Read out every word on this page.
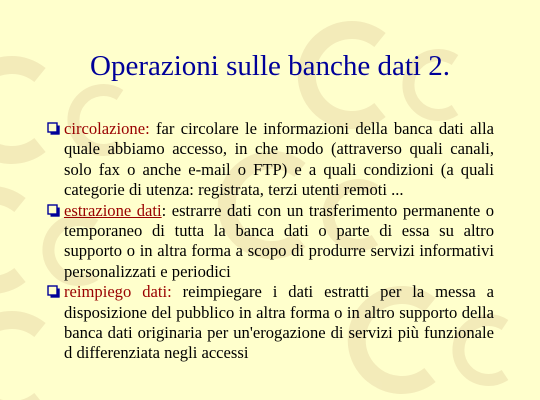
Operazioni sulle banche dati 2.
circolazione: far circolare le informazioni della banca dati alla quale abbiamo accesso, in che modo (attraverso quali canali, solo fax o anche e-mail o FTP) e a quali condizioni (a quali categorie di utenza: registrata, terzi utenti remoti ...
estrazione dati: estrarre dati con un trasferimento permanente o temporaneo di tutta la banca dati o parte di essa su altro supporto o in altra forma a scopo di produrre servizi informativi personalizzati e periodici
reimpiego dati: reimpiegare i dati estratti per la messa a disposizione del pubblico in altra forma o in altro supporto della banca dati originaria per un'erogazione di servizi più funzionale d differenziata negli accessi
